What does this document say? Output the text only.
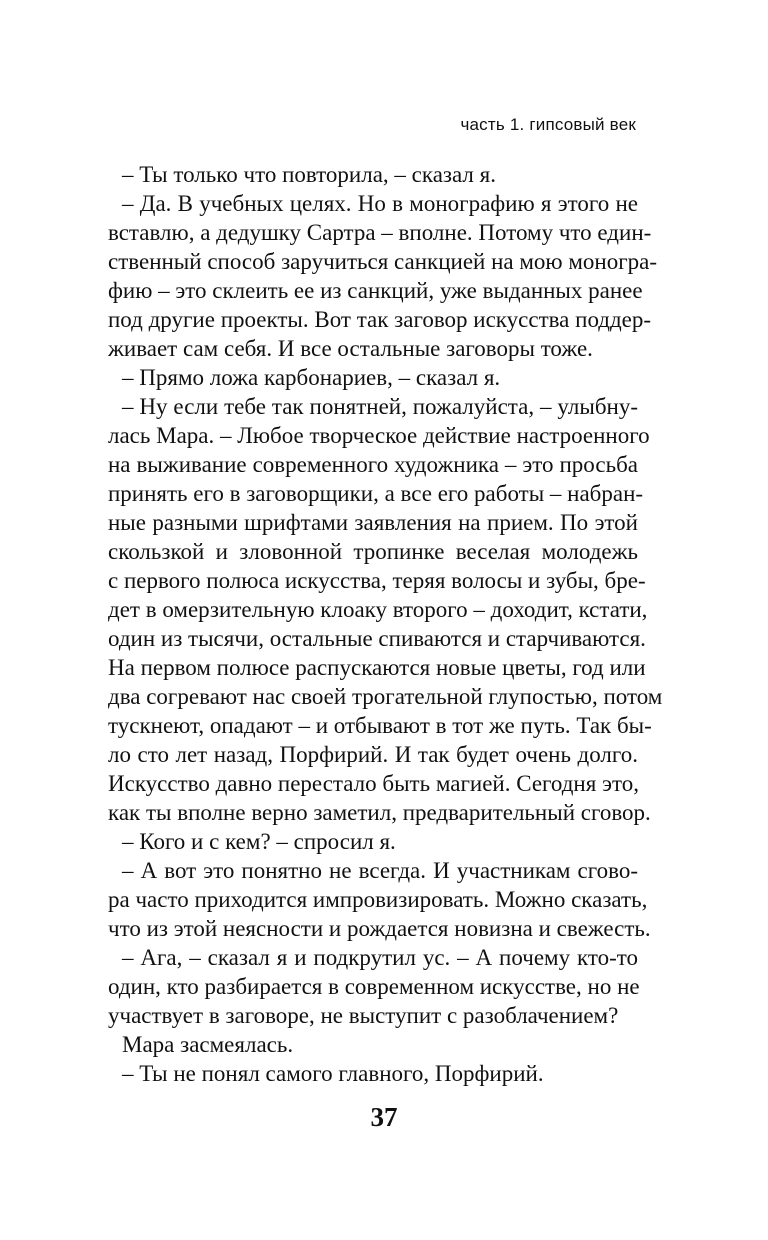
часть 1. гипсовый век
– Ты только что повторила, – сказал я.
– Да. В учебных целях. Но в монографию я этого не
вставлю, а дедушку Сартра – вполне. Потому что един-
ственный способ заручиться санкцией на мою моногра-
фию – это склеить ее из санкций, уже выданных ранее
под другие проекты. Вот так заговор искусства поддер-
живает сам себя. И все остальные заговоры тоже.
– Прямо ложа карбонариев, – сказал я.
– Ну если тебе так понятней, пожалуйста, – улыбну-
лась Мара. – Любое творческое действие настроенного
на выживание современного художника – это просьба
принять его в заговорщики, а все его работы – набран-
ные разными шрифтами заявления на прием. По этой
скользкой и зловонной тропинке веселая молодежь
с первого полюса искусства, теряя волосы и зубы, бре-
дет в омерзительную клоаку второго – доходит, кстати,
один из тысячи, остальные спиваются и старчиваются.
На первом полюсе распускаются новые цветы, год или
два согревают нас своей трогательной глупостью, потом
тускнеют, опадают – и отбывают в тот же путь. Так бы-
ло сто лет назад, Порфирий. И так будет очень долго.
Искусство давно перестало быть магией. Сегодня это,
как ты вполне верно заметил, предварительный сговор.
– Кого и с кем? – спросил я.
– А вот это понятно не всегда. И участникам сгово-
ра часто приходится импровизировать. Можно сказать,
что из этой неясности и рождается новизна и свежесть.
– Ага, – сказал я и подкрутил ус. – А почему кто-то
один, кто разбирается в современном искусстве, но не
участвует в заговоре, не выступит с разоблачением?
Мара засмеялась.
– Ты не понял самого главного, Порфирий.
37
